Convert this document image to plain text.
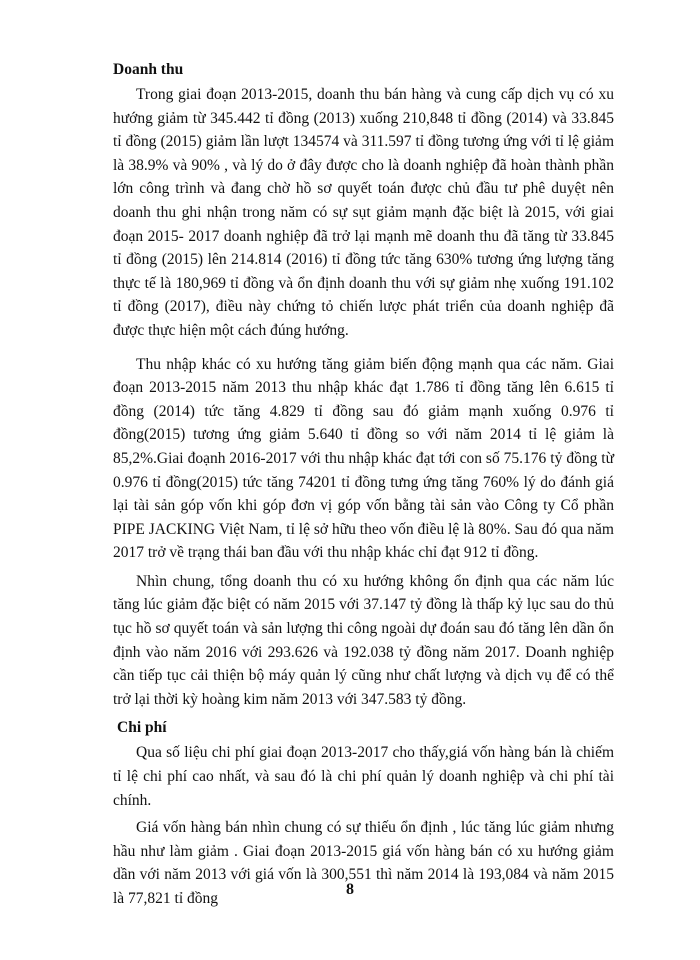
Doanh thu

Trong giai đoạn 2013-2015, doanh thu bán hàng và cung cấp dịch vụ có xu hướng giảm từ 345.442 tỉ đồng (2013) xuống 210,848 tỉ đồng (2014) và 33.845 tỉ đồng (2015) giảm lần lượt 134574 và 311.597 tỉ đồng tương ứng với tỉ lệ giảm là 38.9% và 90% , và lý do ở đây được cho là doanh nghiệp đã hoàn thành phần lớn công trình và đang chờ hồ sơ quyết toán được chủ đầu tư phê duyệt nên doanh thu ghi nhận trong năm có sự sụt giảm mạnh đặc biệt là 2015, với giai đoạn 2015- 2017 doanh nghiệp đã trở lại mạnh mẽ doanh thu đã tăng từ 33.845 tỉ đồng (2015) lên 214.814 (2016) tỉ đồng tức tăng 630% tương ứng lượng tăng thực tế là 180,969 tỉ đồng và ổn định doanh thu với sự giảm nhẹ xuống 191.102 tỉ đồng (2017), điều này chứng tỏ chiến lược phát triển của doanh nghiệp đã được thực hiện một cách đúng hướng.

Thu nhập khác có xu hướng tăng giảm biến động mạnh qua các năm. Giai đoạn 2013-2015 năm 2013 thu nhập khác đạt 1.786 tỉ đồng tăng lên 6.615 tỉ đồng (2014) tức tăng 4.829 tỉ đồng sau đó giảm mạnh xuống 0.976 tỉ đồng(2015) tương ứng giảm 5.640 tỉ đồng so với năm 2014 tỉ lệ giảm là 85,2%.Giai đoạnh 2016-2017 với thu nhập khác đạt tới con số 75.176 tỷ đồng từ 0.976 tỉ đồng(2015) tức tăng 74201 tỉ đồng tưng ứng tăng 760% lý do đánh giá lại tài sản góp vốn khi góp đơn vị góp vốn bằng tài sản vào Công ty Cổ phần PIPE JACKING Việt Nam, tỉ lệ sở hữu theo vốn điều lệ là 80%. Sau đó qua năm 2017 trở về trạng thái ban đầu với thu nhập khác chỉ đạt 912 tỉ đồng.

Nhìn chung, tổng doanh thu có xu hướng không ổn định qua các năm lúc tăng lúc giảm đặc biệt có năm 2015 với 37.147 tỷ đồng là thấp kỷ lục sau do thủ tục hồ sơ quyết toán và sản lượng thi công ngoài dự đoán sau đó tăng lên dần ổn định vào năm 2016 với 293.626 và 192.038 tỷ đồng năm 2017. Doanh nghiệp cần tiếp tục cải thiện bộ máy quản lý cũng như chất lượng và dịch vụ để có thể trở lại thời kỳ hoàng kim năm 2013 với 347.583 tỷ đồng.

Chi phí

Qua số liệu chi phí giai đoạn 2013-2017 cho thấy,giá vốn hàng bán là chiếm tỉ lệ chi phí cao nhất, và sau đó là chi phí quản lý doanh nghiệp và chi phí tài chính.

Giá vốn hàng bán nhìn chung có sự thiếu ổn định , lúc tăng lúc giảm nhưng hầu như làm giảm . Giai đoạn 2013-2015 giá vốn hàng bán có xu hướng giảm dần với năm 2013 với giá vốn là 300,551 thì năm 2014 là 193,084 và năm 2015 là 77,821 tỉ đồng

8
